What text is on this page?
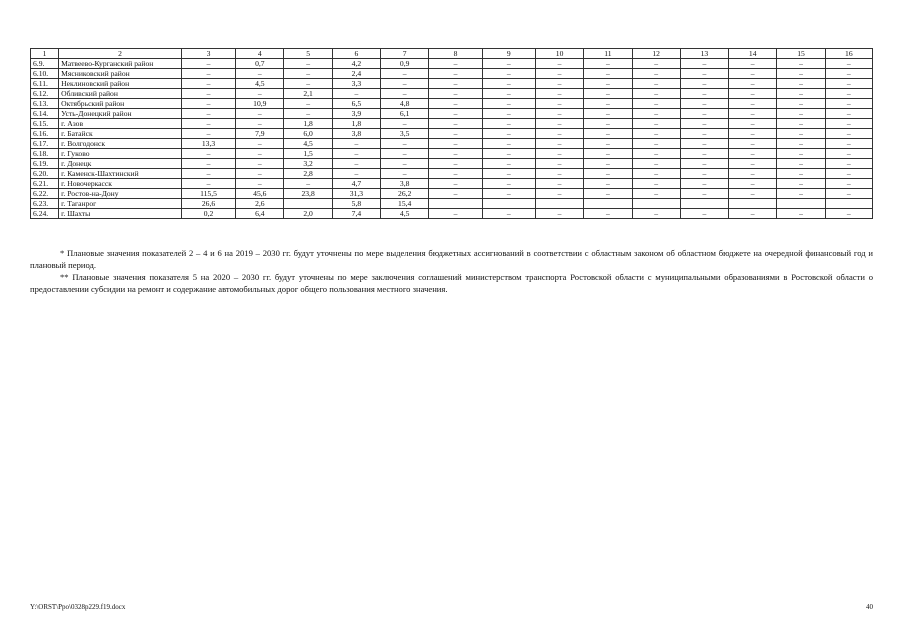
1	2	3	4	5	6	7	8	9	10	11	12	13	14	15	16
6.9.	Матвеево-Курганский район	–	0,7	–	4,2	0,9	–	–	–	–	–	–	–	–	–
6.10.	Мясниковский район	–	–	–	2,4	–	–	–	–	–	–	–	–	–	–
6.11.	Неклиновский район	–	4,5	–	3,3	–	–	–	–	–	–	–	–	–	–
6.12.	Обливский район	–	–	2,1	–	–	–	–	–	–	–	–	–	–	–
6.13.	Октябрьский район	–	10,9	–	6,5	4,8	–	–	–	–	–	–	–	–	–
6.14.	Усть-Донецкий район	–	–	–	3,9	6,1	–	–	–	–	–	–	–	–	–
6.15.	г. Азов	–	–	1,8	1,8	–	–	–	–	–	–	–	–	–	–
6.16.	г. Батайск	–	7,9	6,0	3,8	3,5	–	–	–	–	–	–	–	–	–
6.17.	г. Волгодонск	13,3	–	4,5	–	–	–	–	–	–	–	–	–	–	–
6.18.	г. Гуково	–	–	1,5	–	–	–	–	–	–	–	–	–	–	–
6.19.	г. Донецк	–	–	3,2	–	–	–	–	–	–	–	–	–	–	–
6.20.	г. Каменск-Шахтинский	–	–	2,8	–	–	–	–	–	–	–	–	–	–	–
6.21.	г. Новочеркасск	–	–	–	4,7	3,8	–	–	–	–	–	–	–	–	–
6.22.	г. Ростов-на-Дону	115,5	45,6	23,8	31,3	26,2	–	–	–	–	–	–	–	–	–
6.23.	г. Таганрог	26,6	2,6		5,8	15,4									
6.24.	г. Шахты	0,2	6,4	2,0	7,4	4,5	–	–	–	–	–	–	–	–	–

* Плановые значения показателей 2 – 4 и 6 на 2019 – 2030 гг. будут уточнены по мере выделения бюджетных ассигнований в соответствии с областным законом об областном бюджете на очередной финансовый год и плановый период.

** Плановые значения показателя 5 на 2020 – 2030 гг. будут уточнены по мере заключения соглашений министерством транспорта Ростовской области с муниципальными образованиями в Ростовской области о предоставлении субсидии на ремонт и содержание автомобильных дорог общего пользования местного значения.

Y:\ORST\Ppo\0328p229.f19.docx	40
